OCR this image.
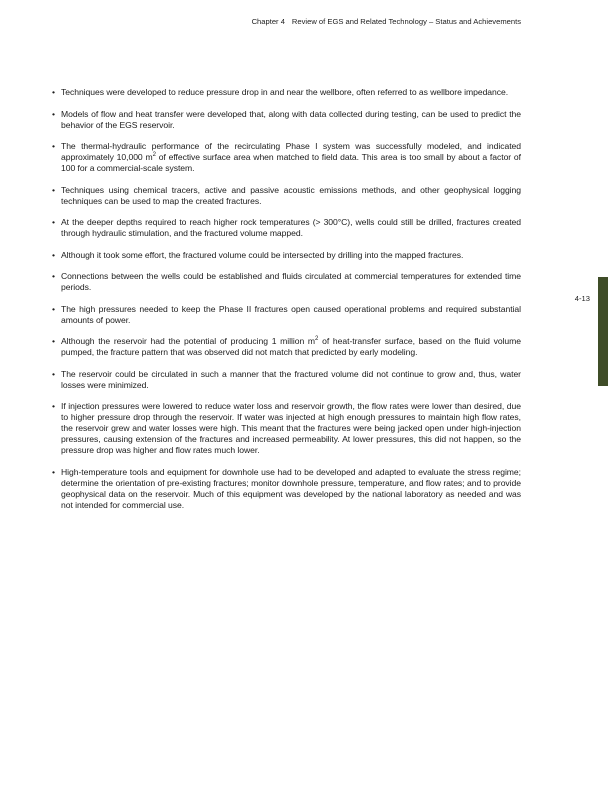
Chapter 4 Review of EGS and Related Technology – Status and Achievements
• Techniques were developed to reduce pressure drop in and near the wellbore, often referred to as wellbore impedance.
• Models of flow and heat transfer were developed that, along with data collected during testing, can be used to predict the behavior of the EGS reservoir.
• The thermal-hydraulic performance of the recirculating Phase I system was successfully modeled, and indicated approximately 10,000 $m^2$ of effective surface area when matched to field data. This area is too small by about a factor of 100 for a commercial-scale system.
• Techniques using chemical tracers, active and passive acoustic emissions methods, and other geophysical logging techniques can be used to map the created fractures.
• At the deeper depths required to reach higher rock temperatures (> 300°C), wells could still be drilled, fractures created through hydraulic stimulation, and the fractured volume mapped.
• Although it took some effort, the fractured volume could be intersected by drilling into the mapped fractures.
• Connections between the wells could be established and fluids circulated at commercial temperatures for extended time periods.
• The high pressures needed to keep the Phase II fractures open caused operational problems and required substantial amounts of power.
• Although the reservoir had the potential of producing 1 million $m^2$ of heat-transfer surface, based on the fluid volume pumped, the fracture pattern that was observed did not match that predicted by early modeling.
• The reservoir could be circulated in such a manner that the fractured volume did not continue to grow and, thus, water losses were minimized.
• If injection pressures were lowered to reduce water loss and reservoir growth, the flow rates were lower than desired, due to higher pressure drop through the reservoir. If water was injected at high enough pressures to maintain high flow rates, the reservoir grew and water losses were high. This meant that the fractures were being jacked open under high-injection pressures, causing extension of the fractures and increased permeability. At lower pressures, this did not happen, so the pressure drop was higher and flow rates much lower.
• High-temperature tools and equipment for downhole use had to be developed and adapted to evaluate the stress regime; determine the orientation of pre-existing fractures; monitor downhole pressure, temperature, and flow rates; and to provide geophysical data on the reservoir. Much of this equipment was developed by the national laboratory as needed and was not intended for commercial use.
4-13
